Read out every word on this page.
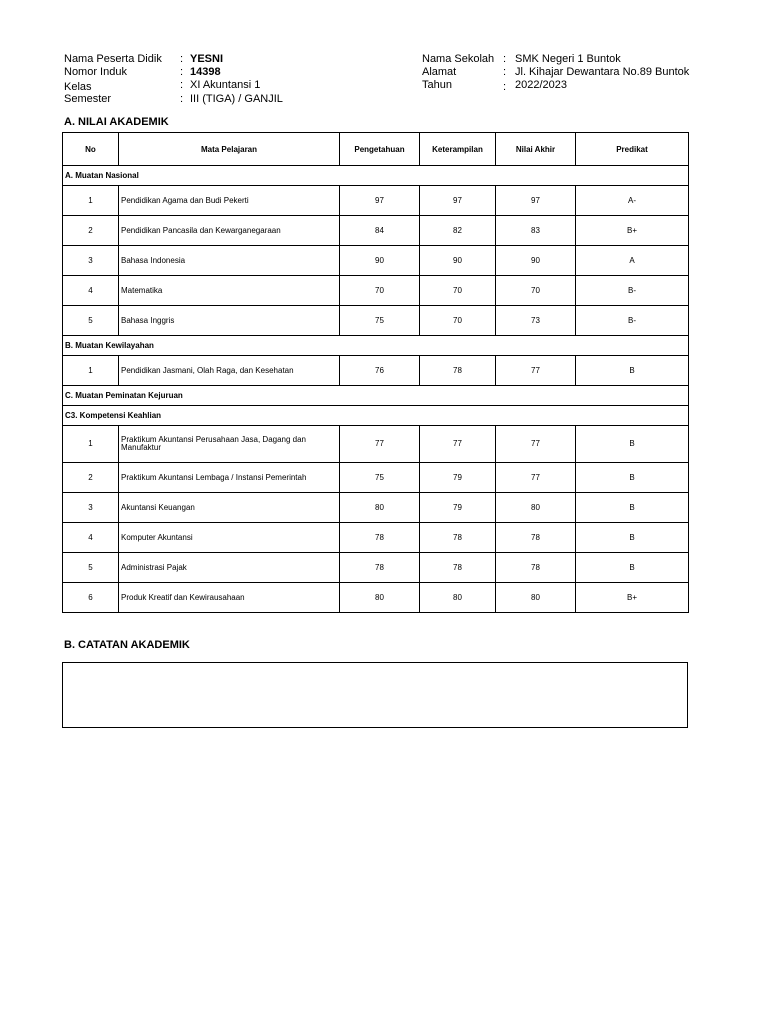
Nama Peserta Didik : YESNI
Nomor Induk	: 14398
Kelas	: XI Akuntansi 1
Semester	: III (TIGA) / GANJIL
Nama Sekolah : SMK Negeri 1 Buntok
Alamat	: Jl. Kihajar Dewantara No.89 Buntok
Tahun	: 2022/2023
A. NILAI AKADEMIK
No	Mata Pelajaran	Pengetahuan	Keterampilan	Nilai Akhir	Predikat
A. Muatan Nasional					
1	Pendidikan Agama dan Budi Pekerti	97	97	97	A-
2	Pendidikan Pancasila dan Kewarganegaraan	84	82	83	B+
3	Bahasa Indonesia	90	90	90	A
4	Matematika	70	70	70	B-
5	Bahasa Inggris	75	70	73	B-
B. Muatan Kewilayahan					
1	Pendidikan Jasmani, Olah Raga, dan Kesehatan	76	78	77	B
C. Muatan Peminatan Kejuruan					
C3. Kompetensi Keahlian					
1	Praktikum Akuntansi Perusahaan Jasa, Dagang dan Manufaktur	77	77	77	B
2	Praktikum Akuntansi Lembaga / Instansi Pemerintah	75	79	77	B
3	Akuntansi Keuangan	80	79	80	B
4	Komputer Akuntansi	78	78	78	B
5	Administrasi Pajak	78	78	78	B
6	Produk Kreatif dan Kewirausahaan	80	80	80	B+
B. CATATAN AKADEMIK
